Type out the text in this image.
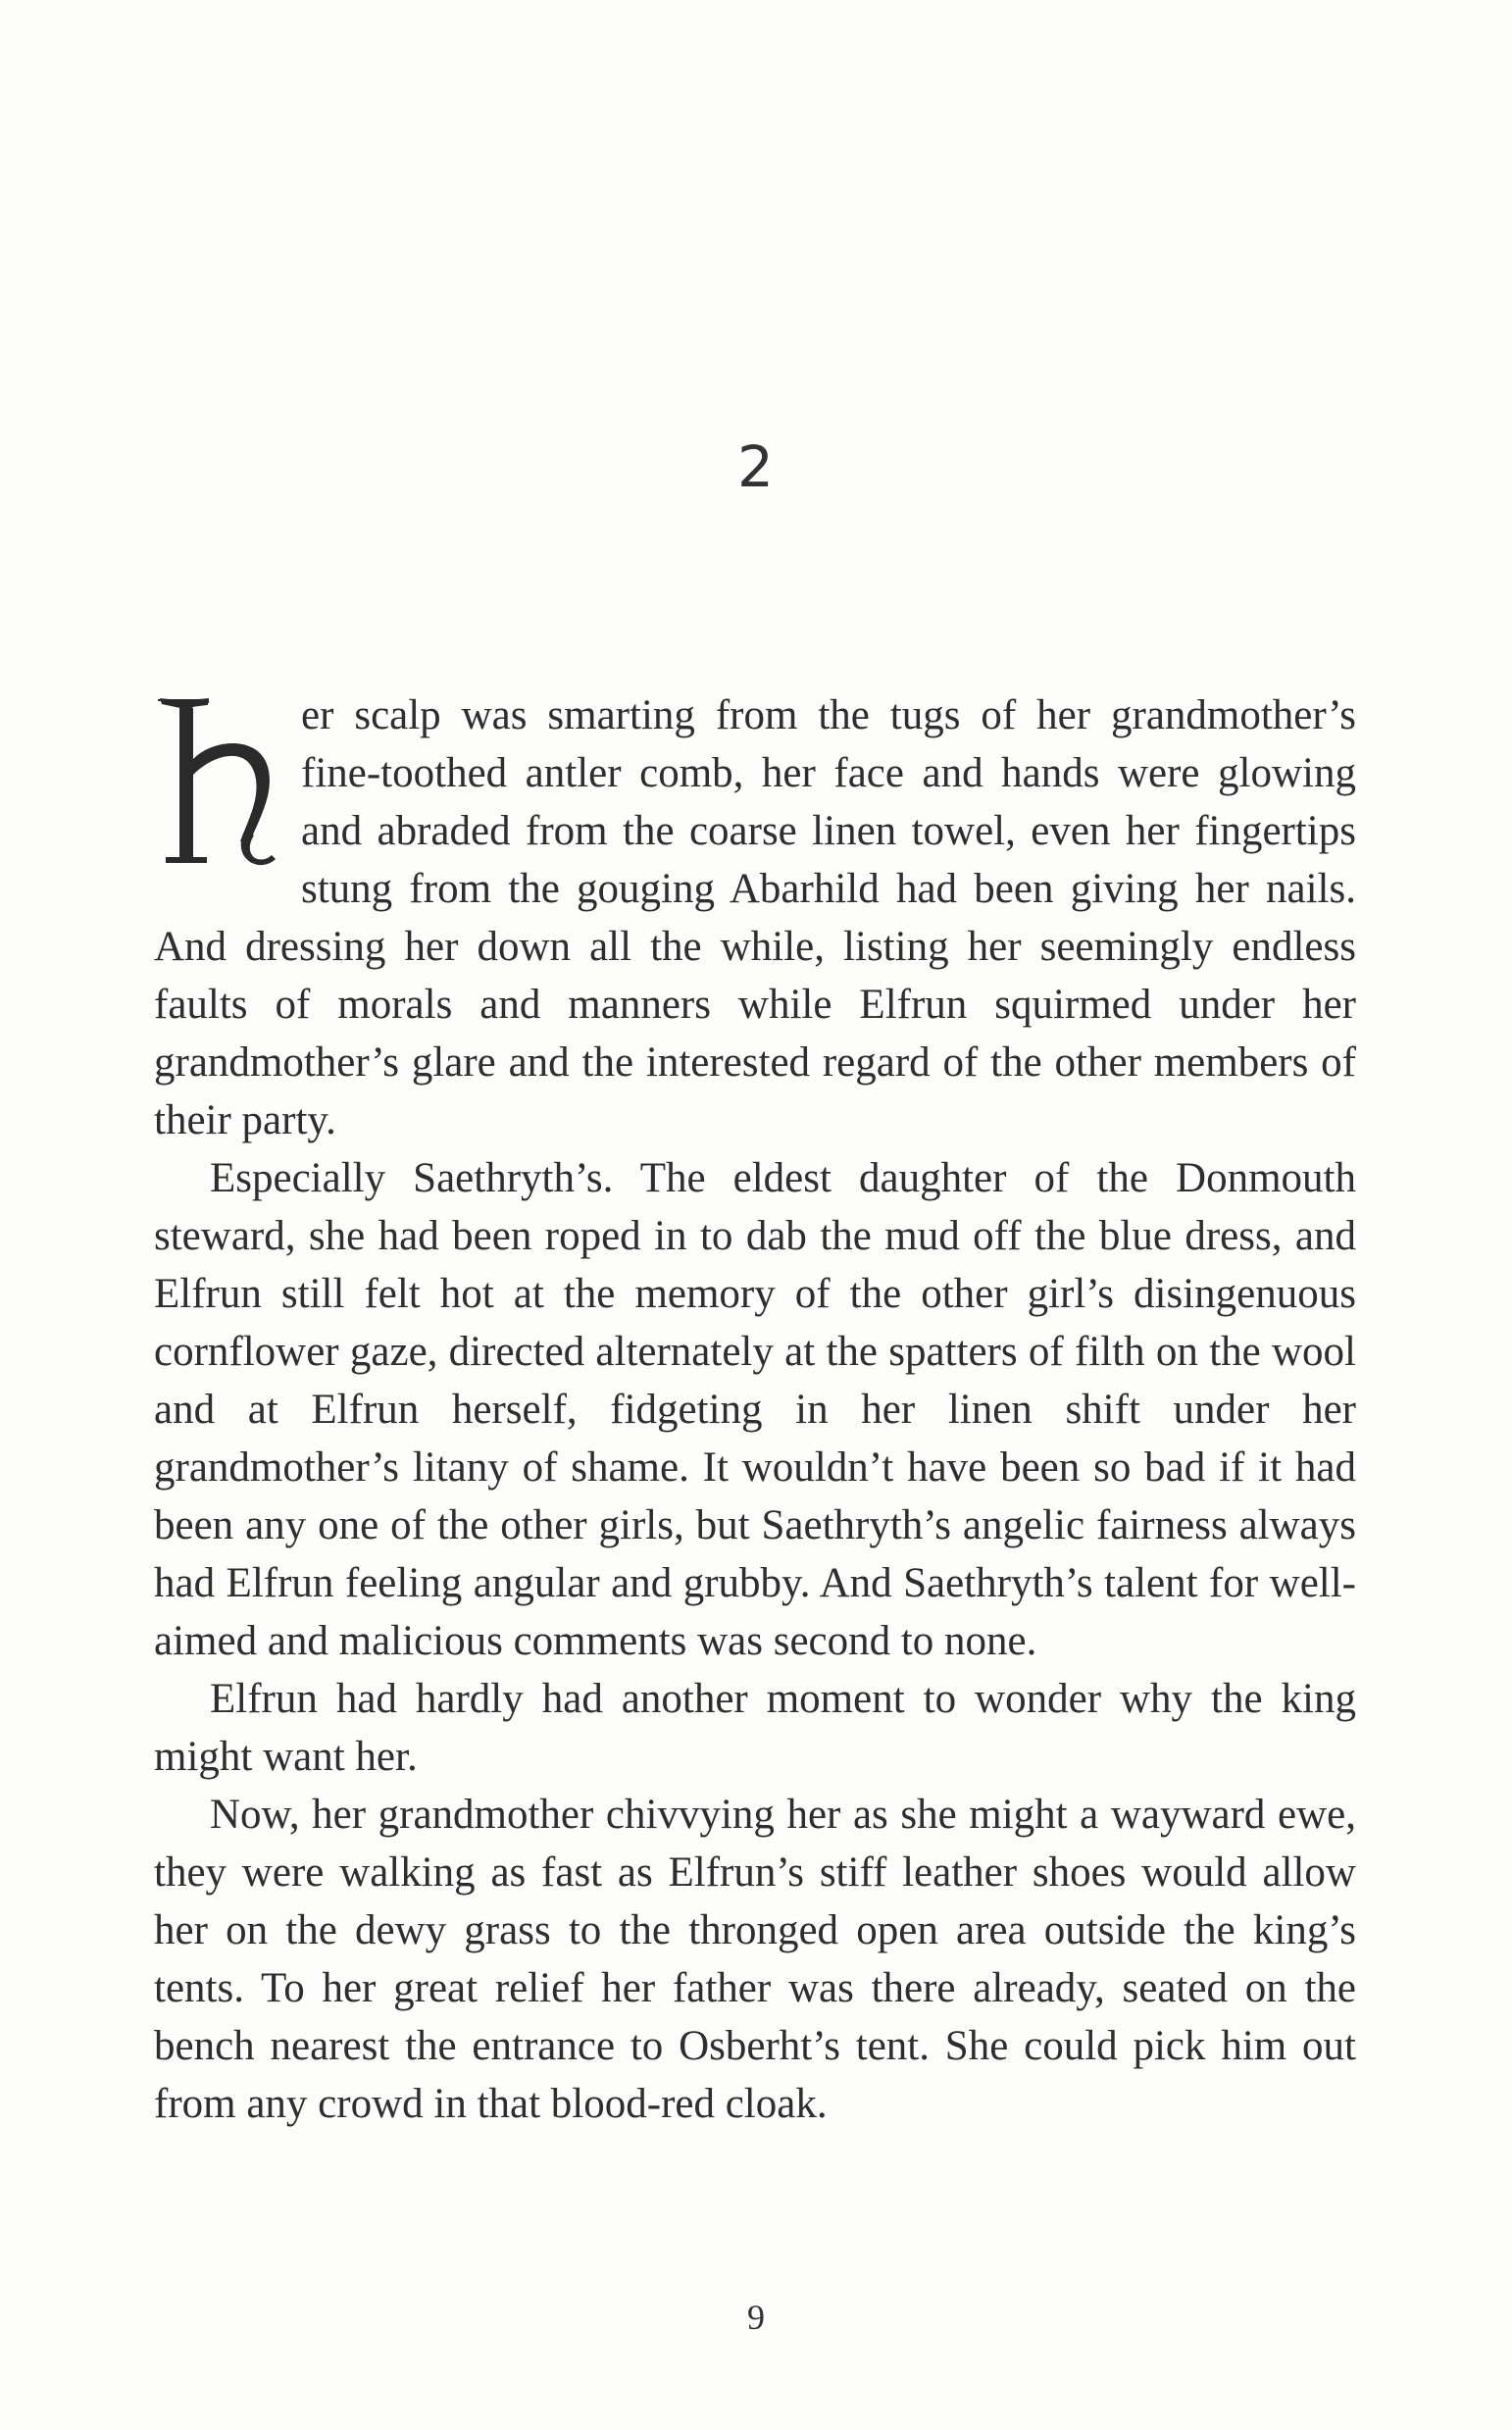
2

er scalp was smarting from the tugs of her grandmother’s fine-toothed antler comb, her face and hands were glowing and abraded from the coarse linen towel, even her fingertips stung from the gouging Abarhild had been giving her nails. And dressing her down all the while, listing her seemingly endless faults of morals and manners while Elfrun squirmed under her grandmother’s glare and the interested regard of the other members of their party.

Especially Saethryth’s. The eldest daughter of the Donmouth steward, she had been roped in to dab the mud off the blue dress, and Elfrun still felt hot at the memory of the other girl’s disingenuous cornflower gaze, directed alternately at the spatters of filth on the wool and at Elfrun herself, fidgeting in her linen shift under her grandmother’s litany of shame. It wouldn’t have been so bad if it had been any one of the other girls, but Saethryth’s angelic fairness always had Elfrun feeling angular and grubby. And Saethryth’s talent for well-aimed and malicious comments was second to none.

Elfrun had hardly had another moment to wonder why the king might want her.

Now, her grandmother chivvying her as she might a wayward ewe, they were walking as fast as Elfrun’s stiff leather shoes would allow her on the dewy grass to the thronged open area outside the king’s tents. To her great relief her father was there already, seated on the bench nearest the entrance to Osberht’s tent. She could pick him out from any crowd in that blood-red cloak.

9
